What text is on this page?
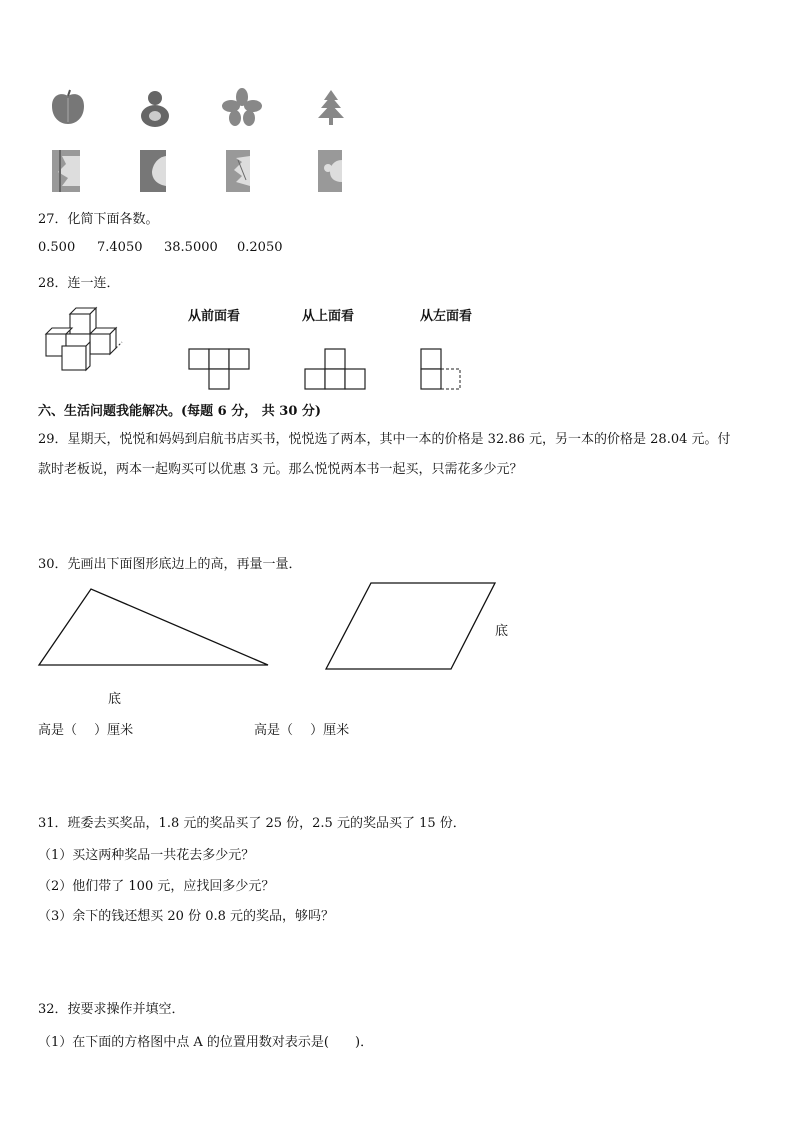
27．化简下面各数。
0.500 7.4050 38.5000 0.2050
28．连一连．
从前面看	从上面看	从左面看
六、生活问题我能解决。(每题 6 分， 共 30 分)
29．星期天，悦悦和妈妈到启航书店买书，悦悦选了两本，其中一本的价格是 32.86 元，另一本的价格是 28.04 元。付
款时老板说，两本一起购买可以优惠 3 元。那么悦悦两本书一起买，只需花多少元？
30．先画出下面图形底边上的高，再量一量．
底
底
高是（　 ）厘米	高是（　 ）厘米
31．班委去买奖品，1.8 元的奖品买了 25 份，2.5 元的奖品买了 15 份．
（1）买这两种奖品一共花去多少元？
（2）他们带了 100 元，应找回多少元？
（3）余下的钱还想买 20 份 0.8 元的奖品，够吗？
32．按要求操作并填空．
（1）在下面的方格图中点 A 的位置用数对表示是(　　)．
